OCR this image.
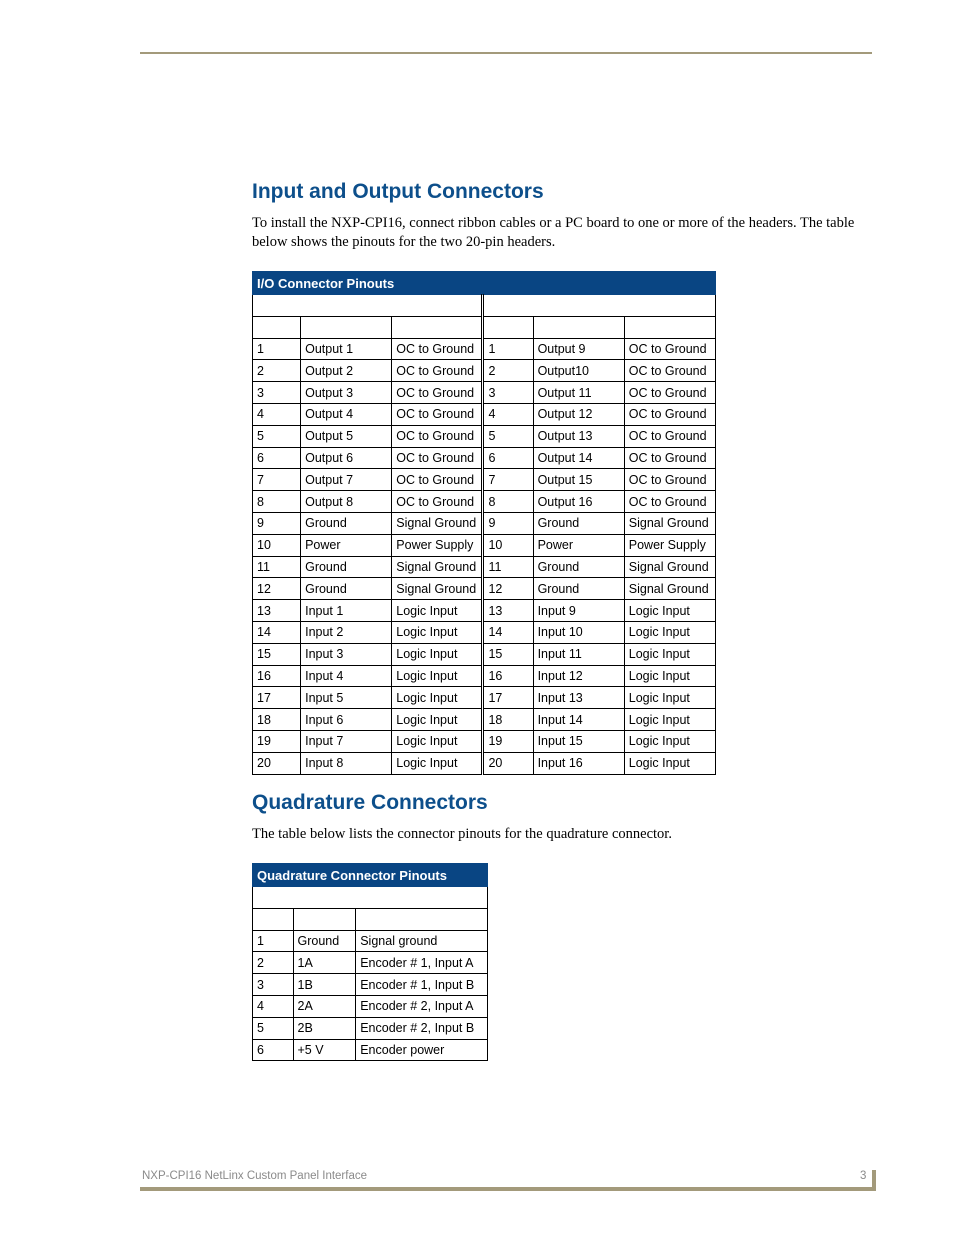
Input and Output Connectors

To install the NXP-CPI16, connect ribbon cables or a PC board to one or more of the headers. The table below shows the pinouts for the two 20-pin headers.

Quadrature Connectors

The table below lists the connector pinouts for the quadrature connector.

I/O Connector Pinouts					

1	Output 1	OC to Ground	1	Output 9	OC to Ground
2	Output 2	OC to Ground	2	Output10	OC to Ground
3	Output 3	OC to Ground	3	Output 11	OC to Ground
4	Output 4	OC to Ground	4	Output 12	OC to Ground
5	Output 5	OC to Ground	5	Output 13	OC to Ground
6	Output 6	OC to Ground	6	Output 14	OC to Ground
7	Output 7	OC to Ground	7	Output 15	OC to Ground
8	Output 8	OC to Ground	8	Output 16	OC to Ground
9	Ground	Signal Ground	9	Ground	Signal Ground
10	Power	Power Supply	10	Power	Power Supply
11	Ground	Signal Ground	11	Ground	Signal Ground
12	Ground	Signal Ground	12	Ground	Signal Ground
13	Input 1	Logic Input	13	Input 9	Logic Input
14	Input 2	Logic Input	14	Input 10	Logic Input
15	Input 3	Logic Input	15	Input 11	Logic Input
16	Input 4	Logic Input	16	Input 12	Logic Input
17	Input 5	Logic Input	17	Input 13	Logic Input
18	Input 6	Logic Input	18	Input 14	Logic Input
19	Input 7	Logic Input	19	Input 15	Logic Input
20	Input 8	Logic Input	20	Input 16	Logic Input
Quadrature Connector Pinouts		

1	Ground	Signal ground
2	1A	Encoder # 1, Input A
3	1B	Encoder # 1, Input B
4	2A	Encoder # 2, Input A
5	2B	Encoder # 2, Input B
6	+5 V	Encoder power
NXP-CPI16 NetLinx Custom Panel Interface	3
